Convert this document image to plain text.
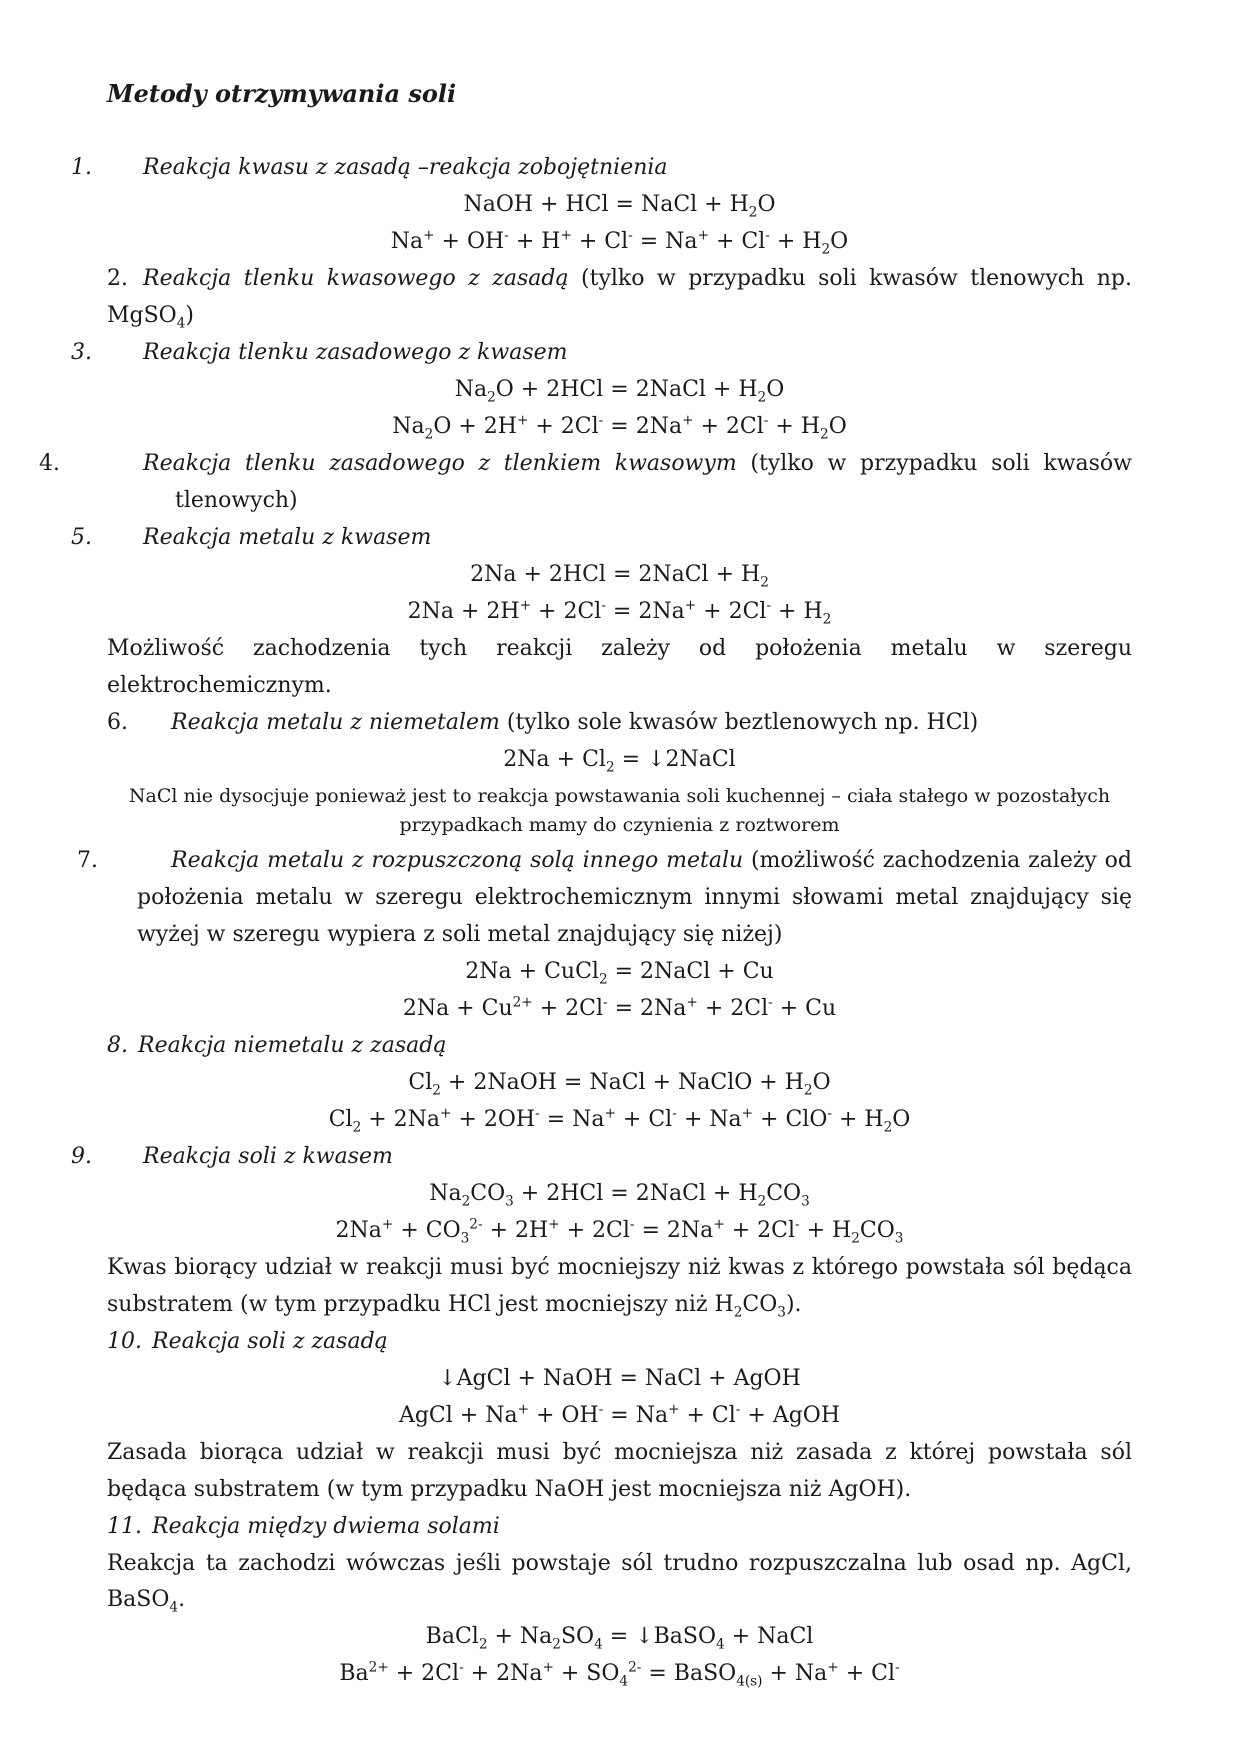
Metody otrzymywania soli

1. Reakcja kwasu z zasadą –reakcja zobojętnienia

NaOH + HCl = NaCl + $H_2O$

$Na^+ + OH^- + H^+ + Cl^- = Na^+ + Cl^- + H_2O$

2. Reakcja tlenku kwasowego z zasadą (tylko w przypadku soli kwasów tlenowych np. MgSO$_4$)

3. Reakcja tlenku zasadowego z kwasem

$Na_2O + 2HCl$ = 2NaCl + $H_2O$

$Na_2O + 2H^+ + 2Cl^- = 2Na^+ + 2Cl^- + H_2O$

4.	Reakcja tlenku zasadowego z tlenkiem kwasowym (tylko w przypadku soli kwasów tlenowych)

5. Reakcja metalu z kwasem

2Na + 2HCl = 2NaCl + $H_2$

$2Na + 2H^+ + 2Cl^- = 2Na^+ + 2Cl^- + H_2$

Możliwość zachodzenia tych reakcji zależy od położenia metalu w szeregu elektrochemicznym.

6. Reakcja metalu z niemetalem (tylko sole kwasów beztlenowych np. HCl)

$2Na + Cl_2$ = ↓2NaCl

NaCl nie dysocjuje ponieważ jest to reakcja powstawania soli kuchennej – ciała stałego w pozostałych przypadkach mamy do czynienia z roztworem

7.	Reakcja metalu z rozpuszczoną solą innego metalu (możliwość zachodzenia zależy od położenia metalu w szeregu elektrochemicznym innymi słowami metal znajdujący się wyżej w szeregu wypiera z soli metal znajdujący się niżej)

2Na + CuCl$_2$ = 2NaCl + Cu

$2Na + Cu^{2+} + 2Cl^- = 2Na^+ + 2Cl^- + Cu$

8. Reakcja niemetalu z zasadą

$Cl_2$ + 2NaOH = NaCl + NaClO + $H_2O$

$Cl_2 + 2Na^+ + 2OH^- = Na^+ + Cl^- + Na^+ + ClO^- + H_2O$

9. Reakcja soli z kwasem

$Na_2CO_3 + 2HCl$ = 2NaCl + $H_2CO_3$

$2Na^+ + CO_3^{2-} + 2H^+ + 2Cl^- = 2Na^+ + 2Cl^- + H_2CO_3$

Kwas biorący udział w reakcji musi być mocniejszy niż kwas z którego powstała sól będąca substratem (w tym przypadku HCl jest mocniejszy niż $H_2CO_3$).

10. Reakcja soli z zasadą

↓AgCl + NaOH = NaCl + AgOH

AgCl + Na+ + OH- = Na+ + Cl- + AgOH

Zasada biorąca udział w reakcji musi być mocniejsza niż zasada z której powstała sól będąca substratem (w tym przypadku NaOH jest mocniejsza niż AgOH).

11. Reakcja między dwiema solami

Reakcja ta zachodzi wówczas jeśli powstaje sól trudno rozpuszczalna lub osad np. AgCl, BaSO$_4$.

BaCl$_2$ + $Na_2SO_4$ = ↓BaSO$_4$ + NaCl

$Ba^{2+} + 2Cl^- + 2Na^+ + SO_4^{2-}$ = BaSO$_{4(s)}$ + Na+ + Cl-
